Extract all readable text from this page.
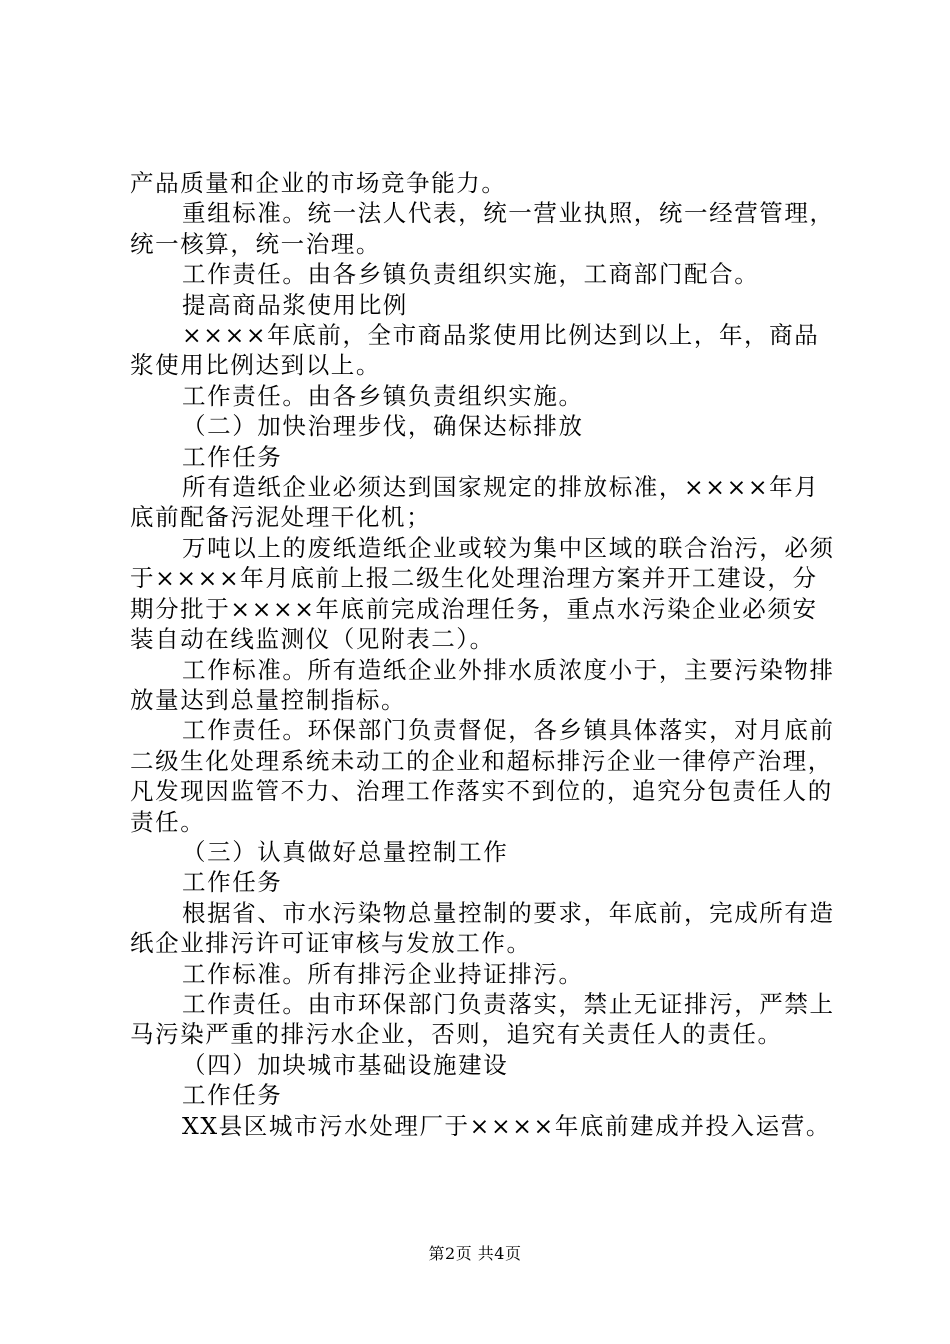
产品质量和企业的市场竞争能力。

重组标准。统一法人代表，统一营业执照，统一经营管理，统一核算，统一治理。

工作责任。由各乡镇负责组织实施，工商部门配合。

提高商品浆使用比例

××××年底前，全市商品浆使用比例达到以上，年，商品浆使用比例达到以上。

工作责任。由各乡镇负责组织实施。

（二）加快治理步伐，确保达标排放

工作任务

所有造纸企业必须达到国家规定的排放标准，××××年月底前配备污泥处理干化机；

万吨以上的废纸造纸企业或较为集中区域的联合治污，必须于××××年月底前上报二级生化处理治理方案并开工建设，分期分批于××××年底前完成治理任务，重点水污染企业必须安装自动在线监测仪（见附表二）。

工作标准。所有造纸企业外排水质浓度小于，主要污染物排放量达到总量控制指标。

工作责任。环保部门负责督促，各乡镇具体落实，对月底前二级生化处理系统未动工的企业和超标排污企业一律停产治理，凡发现因监管不力、治理工作落实不到位的，追究分包责任人的责任。

（三）认真做好总量控制工作

工作任务

根据省、市水污染物总量控制的要求，年底前，完成所有造纸企业排污许可证审核与发放工作。

工作标准。所有排污企业持证排污。

工作责任。由市环保部门负责落实，禁止无证排污，严禁上马污染严重的排污水企业，否则，追究有关责任人的责任。

（四）加块城市基础设施建设

工作任务

XX县区城市污水处理厂于××××年底前建成并投入运营。

第2页 共4页
